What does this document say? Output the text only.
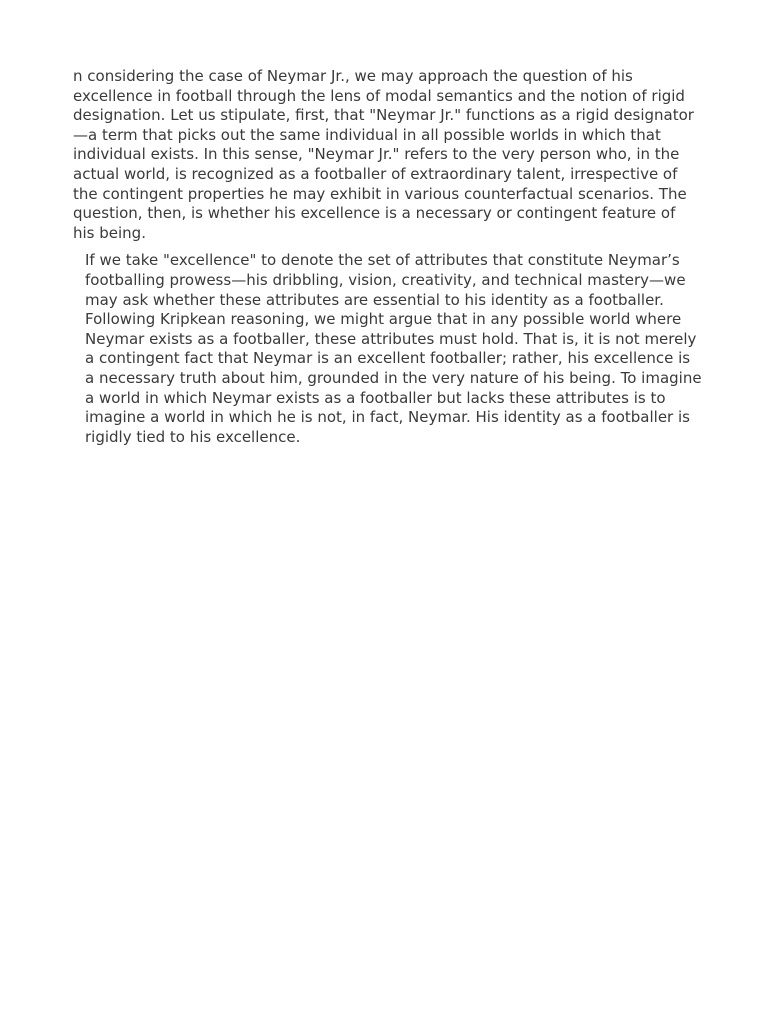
n considering the case of Neymar Jr., we may approach the question of his excellence in football through the lens of modal semantics and the notion of rigid designation. Let us stipulate, first, that "Neymar Jr." functions as a rigid designator—a term that picks out the same individual in all possible worlds in which that individual exists. In this sense, "Neymar Jr." refers to the very person who, in the actual world, is recognized as a footballer of extraordinary talent, irrespective of the contingent properties he may exhibit in various counterfactual scenarios. The question, then, is whether his excellence is a necessary or contingent feature of his being.

If we take "excellence" to denote the set of attributes that constitute Neymar’s footballing prowess—his dribbling, vision, creativity, and technical mastery—we may ask whether these attributes are essential to his identity as a footballer. Following Kripkean reasoning, we might argue that in any possible world where Neymar exists as a footballer, these attributes must hold. That is, it is not merely a contingent fact that Neymar is an excellent footballer; rather, his excellence is a necessary truth about him, grounded in the very nature of his being. To imagine a world in which Neymar exists as a footballer but lacks these attributes is to imagine a world in which he is not, in fact, Neymar. His identity as a footballer is rigidly tied to his excellence.
